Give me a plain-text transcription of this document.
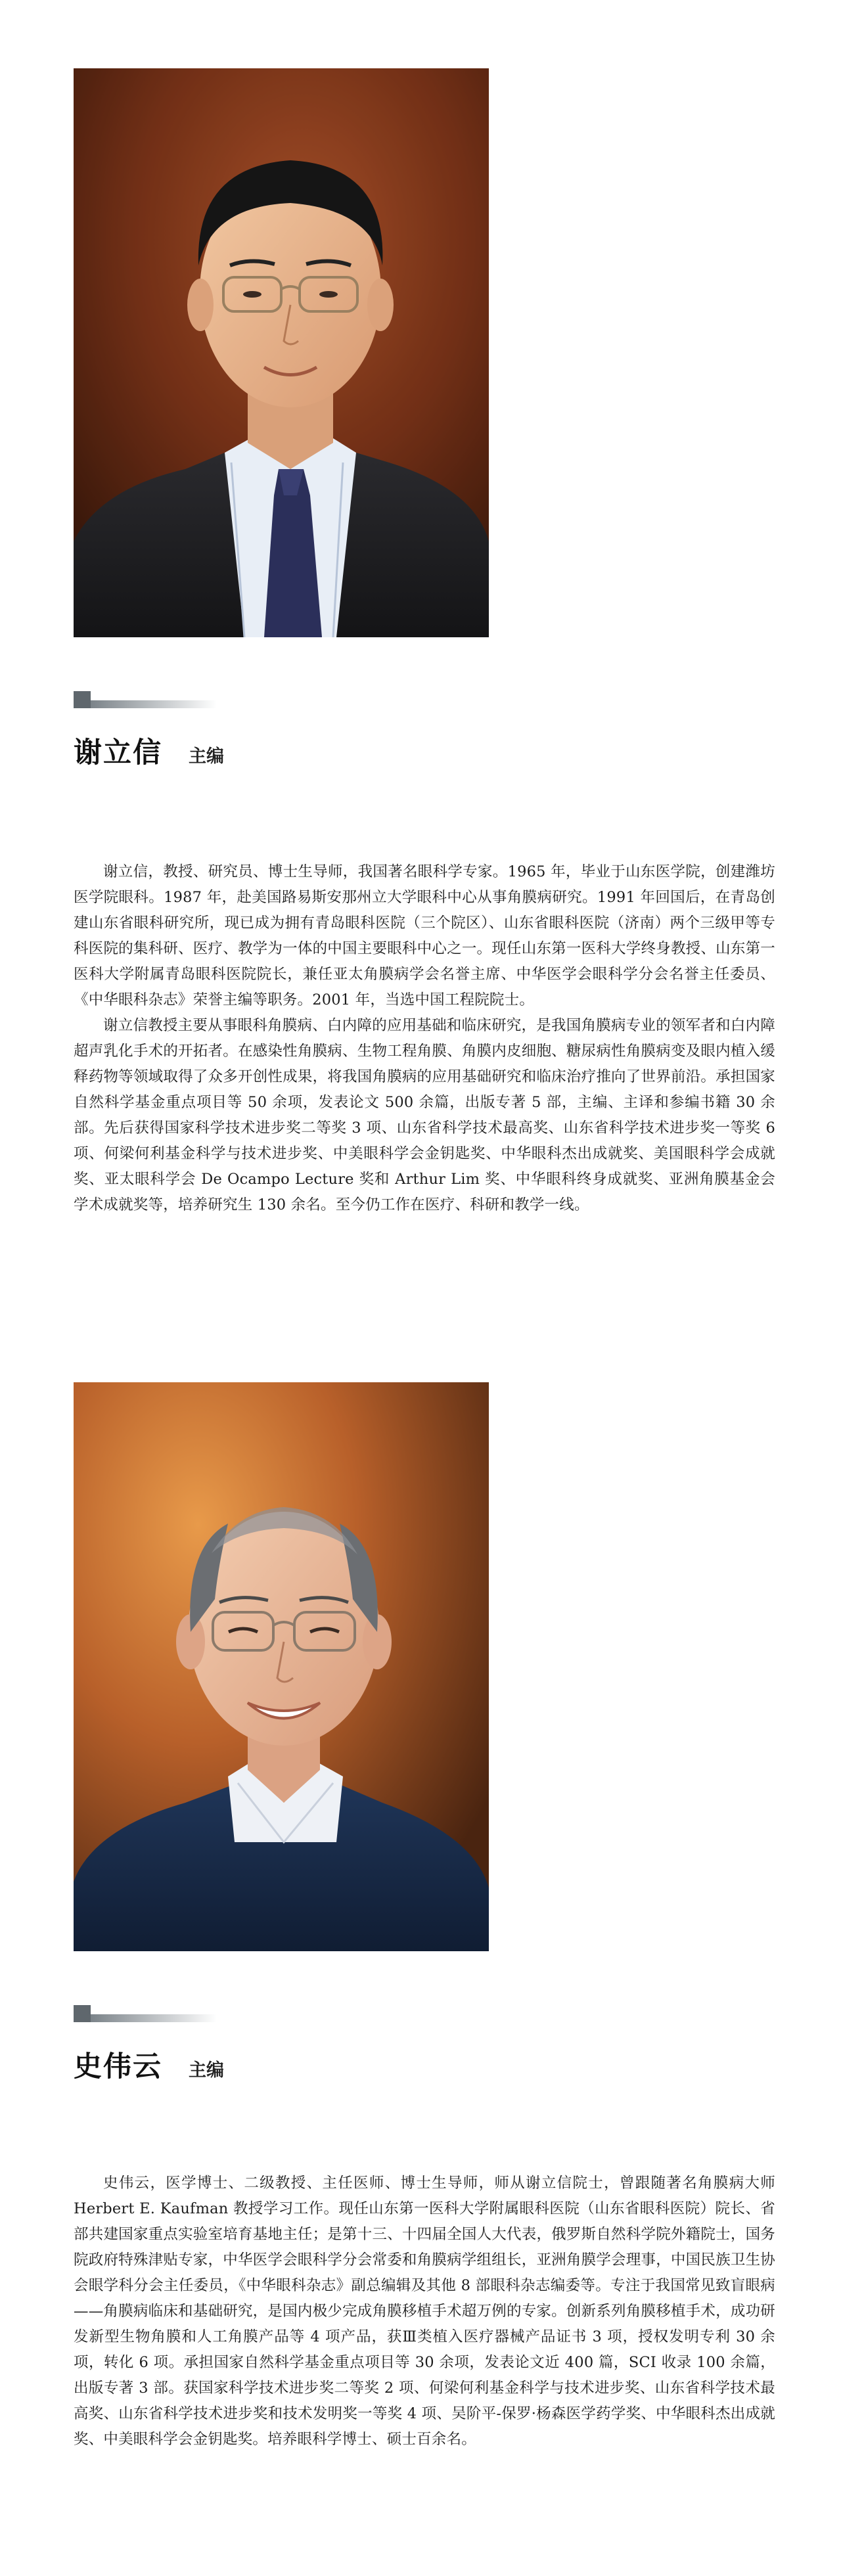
谢立信 主编

谢立信，教授、研究员、博士生导师，我国著名眼科学专家。1965 年，毕业于山东医学院，创建潍坊医学院眼科。1987 年，赴美国路易斯安那州立大学眼科中心从事角膜病研究。1991 年回国后，在青岛创建山东省眼科研究所，现已成为拥有青岛眼科医院（三个院区）、山东省眼科医院（济南）两个三级甲等专科医院的集科研、医疗、教学为一体的中国主要眼科中心之一。现任山东第一医科大学终身教授、山东第一医科大学附属青岛眼科医院院长，兼任亚太角膜病学会名誉主席、中华医学会眼科学分会名誉主任委员、《中华眼科杂志》荣誉主编等职务。2001 年，当选中国工程院院士。

谢立信教授主要从事眼科角膜病、白内障的应用基础和临床研究，是我国角膜病专业的领军者和白内障超声乳化手术的开拓者。在感染性角膜病、生物工程角膜、角膜内皮细胞、糖尿病性角膜病变及眼内植入缓释药物等领域取得了众多开创性成果，将我国角膜病的应用基础研究和临床治疗推向了世界前沿。承担国家自然科学基金重点项目等 50 余项，发表论文 500 余篇，出版专著 5 部，主编、主译和参编书籍 30 余部。先后获得国家科学技术进步奖二等奖 3 项、山东省科学技术最高奖、山东省科学技术进步奖一等奖 6 项、何梁何利基金科学与技术进步奖、中美眼科学会金钥匙奖、中华眼科杰出成就奖、美国眼科学会成就奖、亚太眼科学会 De Ocampo Lecture 奖和 Arthur Lim 奖、中华眼科终身成就奖、亚洲角膜基金会学术成就奖等，培养研究生 130 余名。至今仍工作在医疗、科研和教学一线。

史伟云 主编

史伟云，医学博士、二级教授、主任医师、博士生导师，师从谢立信院士，曾跟随著名角膜病大师 Herbert E. Kaufman 教授学习工作。现任山东第一医科大学附属眼科医院（山东省眼科医院）院长、省部共建国家重点实验室培育基地主任；是第十三、十四届全国人大代表，俄罗斯自然科学院外籍院士，国务院政府特殊津贴专家，中华医学会眼科学分会常委和角膜病学组组长，亚洲角膜学会理事，中国民族卫生协会眼学科分会主任委员，《中华眼科杂志》副总编辑及其他 8 部眼科杂志编委等。专注于我国常见致盲眼病——角膜病临床和基础研究，是国内极少完成角膜移植手术超万例的专家。创新系列角膜移植手术，成功研发新型生物角膜和人工角膜产品等 4 项产品，获Ⅲ类植入医疗器械产品证书 3 项，授权发明专利 30 余项，转化 6 项。承担国家自然科学基金重点项目等 30 余项，发表论文近 400 篇，SCI 收录 100 余篇，出版专著 3 部。获国家科学技术进步奖二等奖 2 项、何梁何利基金科学与技术进步奖、山东省科学技术最高奖、山东省科学技术进步奖和技术发明奖一等奖 4 项、吴阶平-保罗·杨森医学药学奖、中华眼科杰出成就奖、中美眼科学会金钥匙奖。培养眼科学博士、硕士百余名。
